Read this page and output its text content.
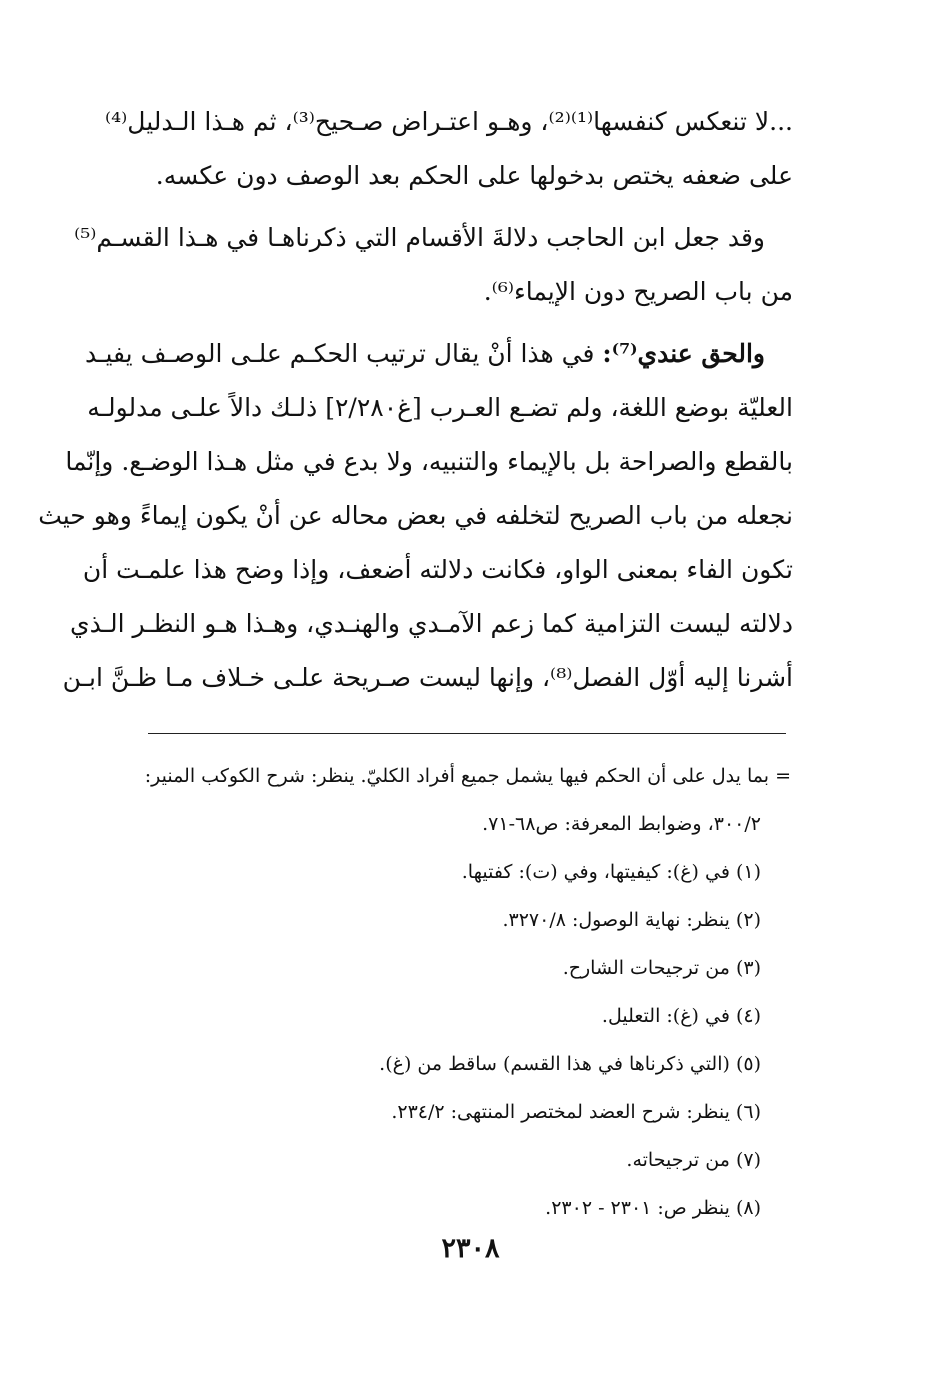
...لا تنعكس كنفسها⁽¹⁾⁽²⁾، وهـو اعتـراض صـحيح⁽³⁾، ثم هـذا الـدليل⁽⁴⁾
على ضعفه يختص بدخولها على الحكم بعد الوصف دون عكسه.
وقد جعل ابن الحاجب دلالةَ الأقسام التي ذكرناهـا في هـذا القسـم⁽⁵⁾
من باب الصريح دون الإيماء⁽⁶⁾.
والحق عندي⁽⁷⁾: في هذا أنْ يقال ترتيب الحكـم علـى الوصـف يفيـد
العليّة بوضع اللغة، ولم تضـع العـرب [غ٢/٢٨٠] ذلـك دالاً علـى مدلولـه
بالقطع والصراحة بل بالإيماء والتنبيه، ولا بدع في مثل هـذا الوضـع. وإنّما
نجعله من باب الصريح لتخلفه في بعض محاله عن أنْ يكون إيماءً وهو حيث
تكون الفاء بمعنى الواو، فكانت دلالته أضعف، وإذا وضح هذا علمـت أن
دلالته ليست التزامية كما زعم الآمـدي والهنـدي، وهـذا هـو النظـر الـذي
أشرنا إليه أوّل الفصل⁽⁸⁾، وإنها ليست صـريحة علـى خـلاف مـا ظـنَّ ابـن
= بما يدل على أن الحكم فيها يشمل جميع أفراد الكليّ. ينظر: شرح الكوكب المنير:
٣٠٠/٢، وضوابط المعرفة: ص٦٨-٧١.
(١) في (غ): كيفيتها، وفي (ت): كفتيها.
(٢) ينظر: نهاية الوصول: ٣٢٧٠/٨.
(٣) من ترجيحات الشارح.
(٤) في (غ): التعليل.
(٥) (التي ذكرناها في هذا القسم) ساقط من (غ).
(٦) ينظر: شرح العضد لمختصر المنتهى: ٢٣٤/٢.
(٧) من ترجيحاته.
(٨) ينظر ص: ٢٣٠١ - ٢٣٠٢.
٢٣٠٨
